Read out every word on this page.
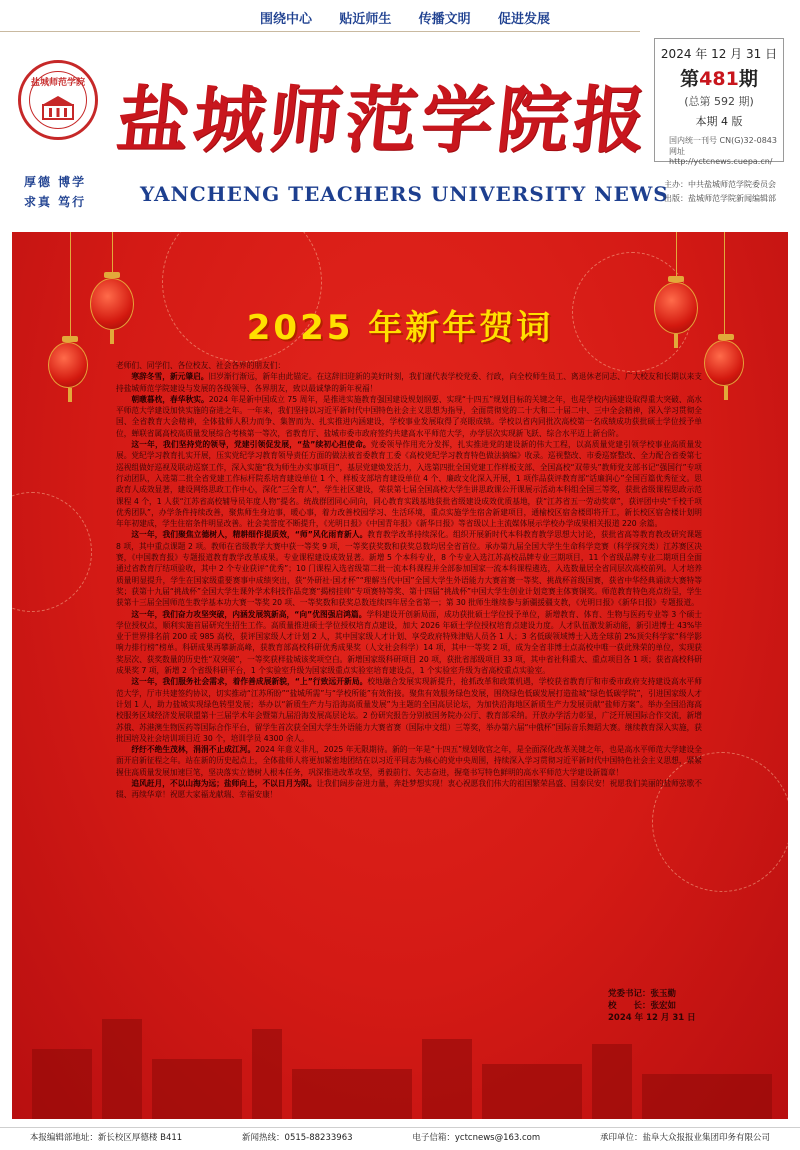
围绕中心 贴近师生 传播文明 促进发展
盐城师范学院
厚德 博学
求真 笃行
盐城师范学院报
YANCHENG TEACHERS UNIVERSITY NEWS
2024 年 12 月 31 日
第481期
(总第 592 期)
本期 4 版
国内统一刊号 CN(G)32-0843
网址 http://yctcnews.cuepa.cn/
主办：中共盐城师范学院委员会
出版：盐城师范学院新闻编辑部
2025 年新年贺词

老师们、同学们、各位校友、社会各界的朋友们：

寒辞冬雪，新元肇启。旧岁渐行渐远，新年由此锚定。在这辞旧迎新的美好时刻，我们谨代表学校党委、行政，向全校师生员工、离退休老同志、广大校友和长期以来支持盐城师范学院建设与发展的各级领导、各界朋友，致以最诚挚的新年祝福！

朝暾暮枕，春华秋实。2024 年是新中国成立 75 周年，是推进实施教育强国建设规划纲要、实现“十四五”规划目标的关键之年，也是学校内涵建设取得重大突破、高水平师范大学建设加快实施的奋进之年。一年来，我们坚持以习近平新时代中国特色社会主义思想为指导，全面贯彻党的二十大和二十届二中、三中全会精神，深入学习贯彻全国、全省教育大会精神，全体盐师人积力而争、集智而为、扎实推进内涵建设，学校事业发展取得了亮眼成绩。学校以省内同批次高校第一名成绩成功获批硕士学位授予单位，蝉联省属高校高质量发展综合考核第一等次，省教育厅、盐城市委市政府签约共建高水平师范大学，办学层次实现新飞跃、综合水平迈上新台阶。

这一年，我们坚持党的领导，党建引领促发展，“盐”续初心担使命。党委领导作用充分发挥，扎实推进党的建设新的伟大工程，以高质量党建引领学校事业高质量发展。党纪学习教育扎实开展，压实党纪学习教育领导责任方面的做法被省委教育工委《高校党纪学习教育特色做法摘编》收录。巡视整改、市委巡察整改、全力配合省委第七巡视组做好巡视及联动巡察工作，深入实施“我为师生办实事项目”，基层党建焕发活力，入选第四批全国党建工作样板支部、全国高校“双带头”教师党支部书记“强国行”专项行动团队，入选第二批全省党建工作标杆院系培育建设单位 1 个、样板支部培育建设单位 4 个、廉政文化深入开展，1 项作品获评教育部“话廉润心”全国百篇优秀征文。思政育人成效显著，建设网络思政工作中心，深化“三全育人”，学生社区建设，荣获第七届全国高校大学生讲思政课公开课展示活动本科组全国三等奖，获批省级课程思政示范课程 4 个，1 人获“江苏省高校辅导员年度人物”提名。统战群团同心同向，同心教育实践基地获批省级建设成效优质基地，获“江苏省五一劳动奖章”，获评团中央“千校千项优秀团队”，办学条件持续改善，聚焦师生身边事，暖心事，着力改善校园学习、生活环境，重点实施学生宿舍新建项目，通榆校区宿舍楼即将开工，新长校区宿舍楼计划明年年初建成，学生住宿条件明显改善。社会美誉度不断提升，《光明日报》《中国青年报》《新华日报》等省级以上主流媒体展示学校办学成果相关报道 220 余篇。

这一年，我们聚焦立德树人，精耕细作提质效，“师”风化雨育新人。教育教学改革持续深化。组织开展新时代本科教育教学思想大讨论，获批省高等教育教改研究课题 8 项，其中重点课题 2 项。教师在省级教学大赛中获一等奖 9 项，一等奖获奖数和获奖总数均居全省首位。承办第九届全国大学生生命科学竞赛（科学探究类）江苏赛区决赛，《中国教育报》专题报道教育教学改革成果。专业课程建设成效显著。新增 5 个本科专业，8 个专业入选江苏高校品牌专业三期项目，11 个省级品牌专业二期项目全面通过省教育厅结项验收，其中 2 个专业获评“优秀”；10 门课程入选省级第二批一流本科课程并全部参加国家一流本科课程遴选，入选数量居全省同层次高校前列。人才培养质量明显提升，学生在国家级重要赛事中成绩突出，获“外研社·国才杯”“理解当代中国”全国大学生外语能力大赛首赛一等奖、挑战杯首级国赛，获省中华经典诵读大赛特等奖；获第十九届“挑战杯”全国大学生课外学术科技作品竞赛“揭榜挂帅”专项赛特等奖、第十四届“挑战杯”中国大学生创业计划竞赛主体赛铜奖。师范教育特色亮点纷呈，学生获第十三届全国师范生教学基本功大赛一等奖 20 项、一等奖数和获奖总数连续四年居全省第一；第 30 批师生继续参与新疆援疆支教，《光明日报》《新华日报》专题报道。

这一年，我们奋力攻坚突破，内涵发展筑新高，“向”优图强启鸿篇。学科建设开创新局面，成功获批硕士学位授予单位，新增教育、体育、生物与医药专业等 3 个硕士学位授权点，顺利实施首届研究生招生工作。高质量推进硕士学位授权培育点建设，加大 2026 年硕士学位授权培育点建设力度。人才队伍激发新动能，新引进博士 43%毕业于世界排名前 200 或 985 高校，获评国家级人才计划 2 人，其中国家级人才计划、享受政府特殊津贴人员各 1 人；3 名低碳领域博士入选全球前 2%顶尖科学家“科学影响力排行榜”榜单。科研成果再攀新高峰，获教育部高校科研优秀成果奖（人文社会科学）14 项，其中一等奖 2 项，成为全省非博士点高校中唯一获此殊荣的单位，实现获奖层次、获奖数量的历史性“双突破”，一等奖获样盐城该奖项空白。新增国家级科研项目 20 项，获批省部级项目 33 项，其中省社科重大、重点项目各 1 项；获省高校科研成果奖 7 项，新增 2 个省级科研平台，1 个实验室升级为国家级重点实验室培育建设点，1 个实验室升级为省高校重点实验室。

这一年，我们服务社会需求，着作善成展新貌，“上”行致远开新局。校地融合发展实现新提升，抢抓改革和政策机遇，学校获省教育厅和市委市政府支持建设高水平师范大学，厅市共建签约协议，切实推动“江苏所盼”“盐城所需”与“学校所能”有效衔接。聚焦有效服务绿色发展，围绕绿色低碳发展打造盐城“绿色低碳学院”，引进国家级人才计划 1 人，助力盐城实现绿色转型发展；举办以“新质生产力与沿海高质量发展”为主题的全国高层论坛，为加快沿海地区新质生产力发展贡献“盐师方案”。举办全国沿海高校服务区域经济发展联盟第十三届学术年会暨第九届沿海发展高层论坛。2 份研究报告分别被国务院办公厅、教育部采纳。开放办学活力彰显，广泛开展国际合作交流，新增苏俄、苏港澳生物医药等国际合作平台，留学生首次获全国大学生外语能力大赛省赛（国际中文组）三等奖，举办第六届“中俄杯”国际音乐舞蹈大赛。继续教育深入实施，获批国培及社会培训项目近 30 个，培训学员 4300 余人。

纾纡不绝生茂林，涓涓不止成江河。2024 年意义非凡，2025 年无限期待。新的一年是“十四五”规划收官之年，是全面深化改革关键之年，也是高水平师范大学建设全面开启新征程之年。站在新的历史起点上，全体盐师人将更加紧密地团结在以习近平同志为核心的党中央周围，持续深入学习贯彻习近平新时代中国特色社会主义思想，紧紧握住高质量发展加速巨笔，坚决落实立德树人根本任务，巩深推进改革攻坚，勇毅前行、矢志奋进，握毫书写特色鲜明的高水平师范大学建设新篇章！

追风赶月，不以山海为远；盐师向上，不以日月为限。让我们阔步奋进力量，奔赴梦想实现！衷心祝愿我们伟大的祖国繁荣昌盛、国泰民安！祝愿我们美丽的盐师弦歌不辍、再续华章！祝愿大家福龙献瑞、幸福安康！

党委书记：张玉勤
校　　长：张宏如
2024 年 12 月 31 日
本报编辑部地址：新长校区厚德楼 B411	新闻热线：0515-88233963	电子信箱：yctcnews@163.com	承印单位：盐阜大众报报业集团印务有限公司
